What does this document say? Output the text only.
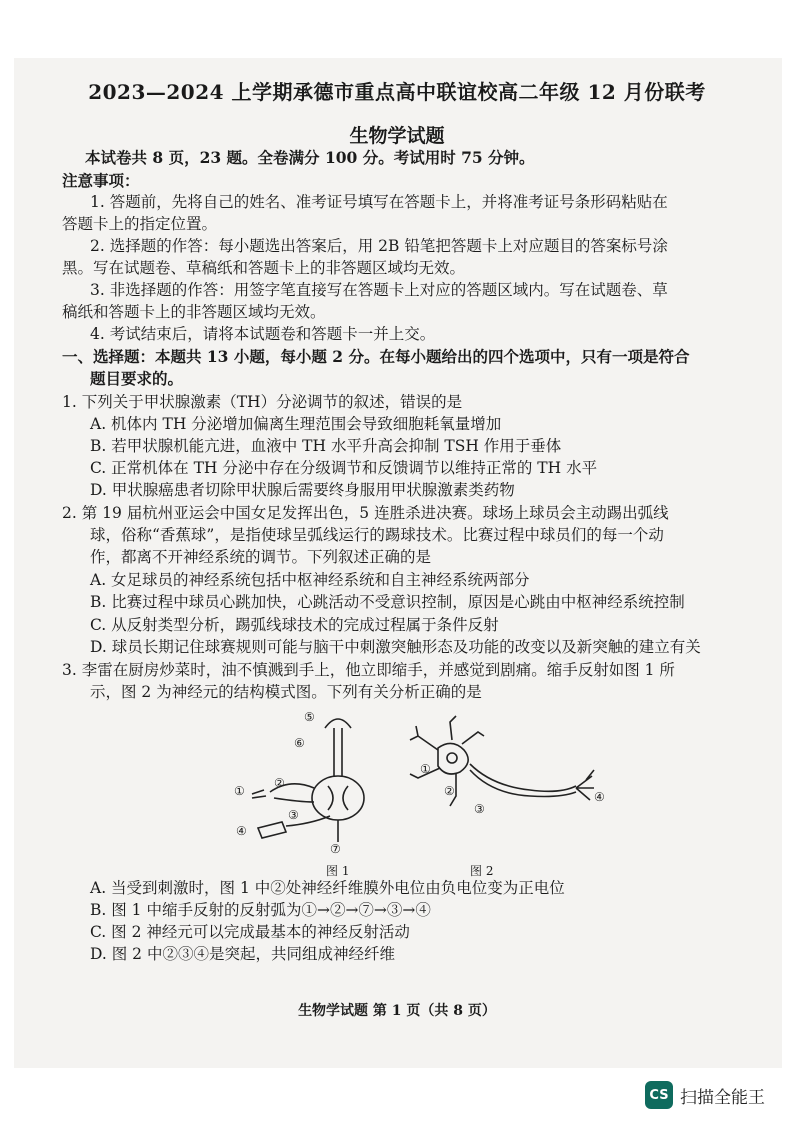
2023—2024 上学期承德市重点高中联谊校高二年级 12 月份联考
生物学试题
本试卷共 8 页，23 题。全卷满分 100 分。考试用时 75 分钟。
注意事项：
1. 答题前，先将自己的姓名、准考证号填写在答题卡上，并将准考证号条形码粘贴在
答题卡上的指定位置。
2. 选择题的作答：每小题选出答案后，用 2B 铅笔把答题卡上对应题目的答案标号涂
黑。写在试题卷、草稿纸和答题卡上的非答题区域均无效。
3. 非选择题的作答：用签字笔直接写在答题卡上对应的答题区域内。写在试题卷、草
稿纸和答题卡上的非答题区域均无效。
4. 考试结束后，请将本试题卷和答题卡一并上交。
一、选择题：本题共 13 小题，每小题 2 分。在每小题给出的四个选项中，只有一项是符合
题目要求的。
1. 下列关于甲状腺激素（TH）分泌调节的叙述，错误的是
A. 机体内 TH 分泌增加偏离生理范围会导致细胞耗氧量增加
B. 若甲状腺机能亢进，血液中 TH 水平升高会抑制 TSH 作用于垂体
C. 正常机体在 TH 分泌中存在分级调节和反馈调节以维持正常的 TH 水平
D. 甲状腺癌患者切除甲状腺后需要终身服用甲状腺激素类药物
2. 第 19 届杭州亚运会中国女足发挥出色，5 连胜杀进决赛。球场上球员会主动踢出弧线
球，俗称“香蕉球”，是指使球呈弧线运行的踢球技术。比赛过程中球员们的每一个动
作，都离不开神经系统的调节。下列叙述正确的是
A. 女足球员的神经系统包括中枢神经系统和自主神经系统两部分
B. 比赛过程中球员心跳加快，心跳活动不受意识控制，原因是心跳由中枢神经系统控制
C. 从反射类型分析，踢弧线球技术的完成过程属于条件反射
D. 球员长期记住球赛规则可能与脑干中刺激突触形态及功能的改变以及新突触的建立有关
3. 李雷在厨房炒菜时，油不慎溅到手上，他立即缩手，并感觉到剧痛。缩手反射如图 1 所
示，图 2 为神经元的结构模式图。下列有关分析正确的是
⑤
⑥
①
②
③
④
⑦
①
②
③
④
图 1	图 2
A. 当受到刺激时，图 1 中②处神经纤维膜外电位由负电位变为正电位
B. 图 1 中缩手反射的反射弧为①→②→⑦→③→④
C. 图 2 神经元可以完成最基本的神经反射活动
D. 图 2 中②③④是突起，共同组成神经纤维
生物学试题 第 1 页（共 8 页）
CS 扫描全能王
